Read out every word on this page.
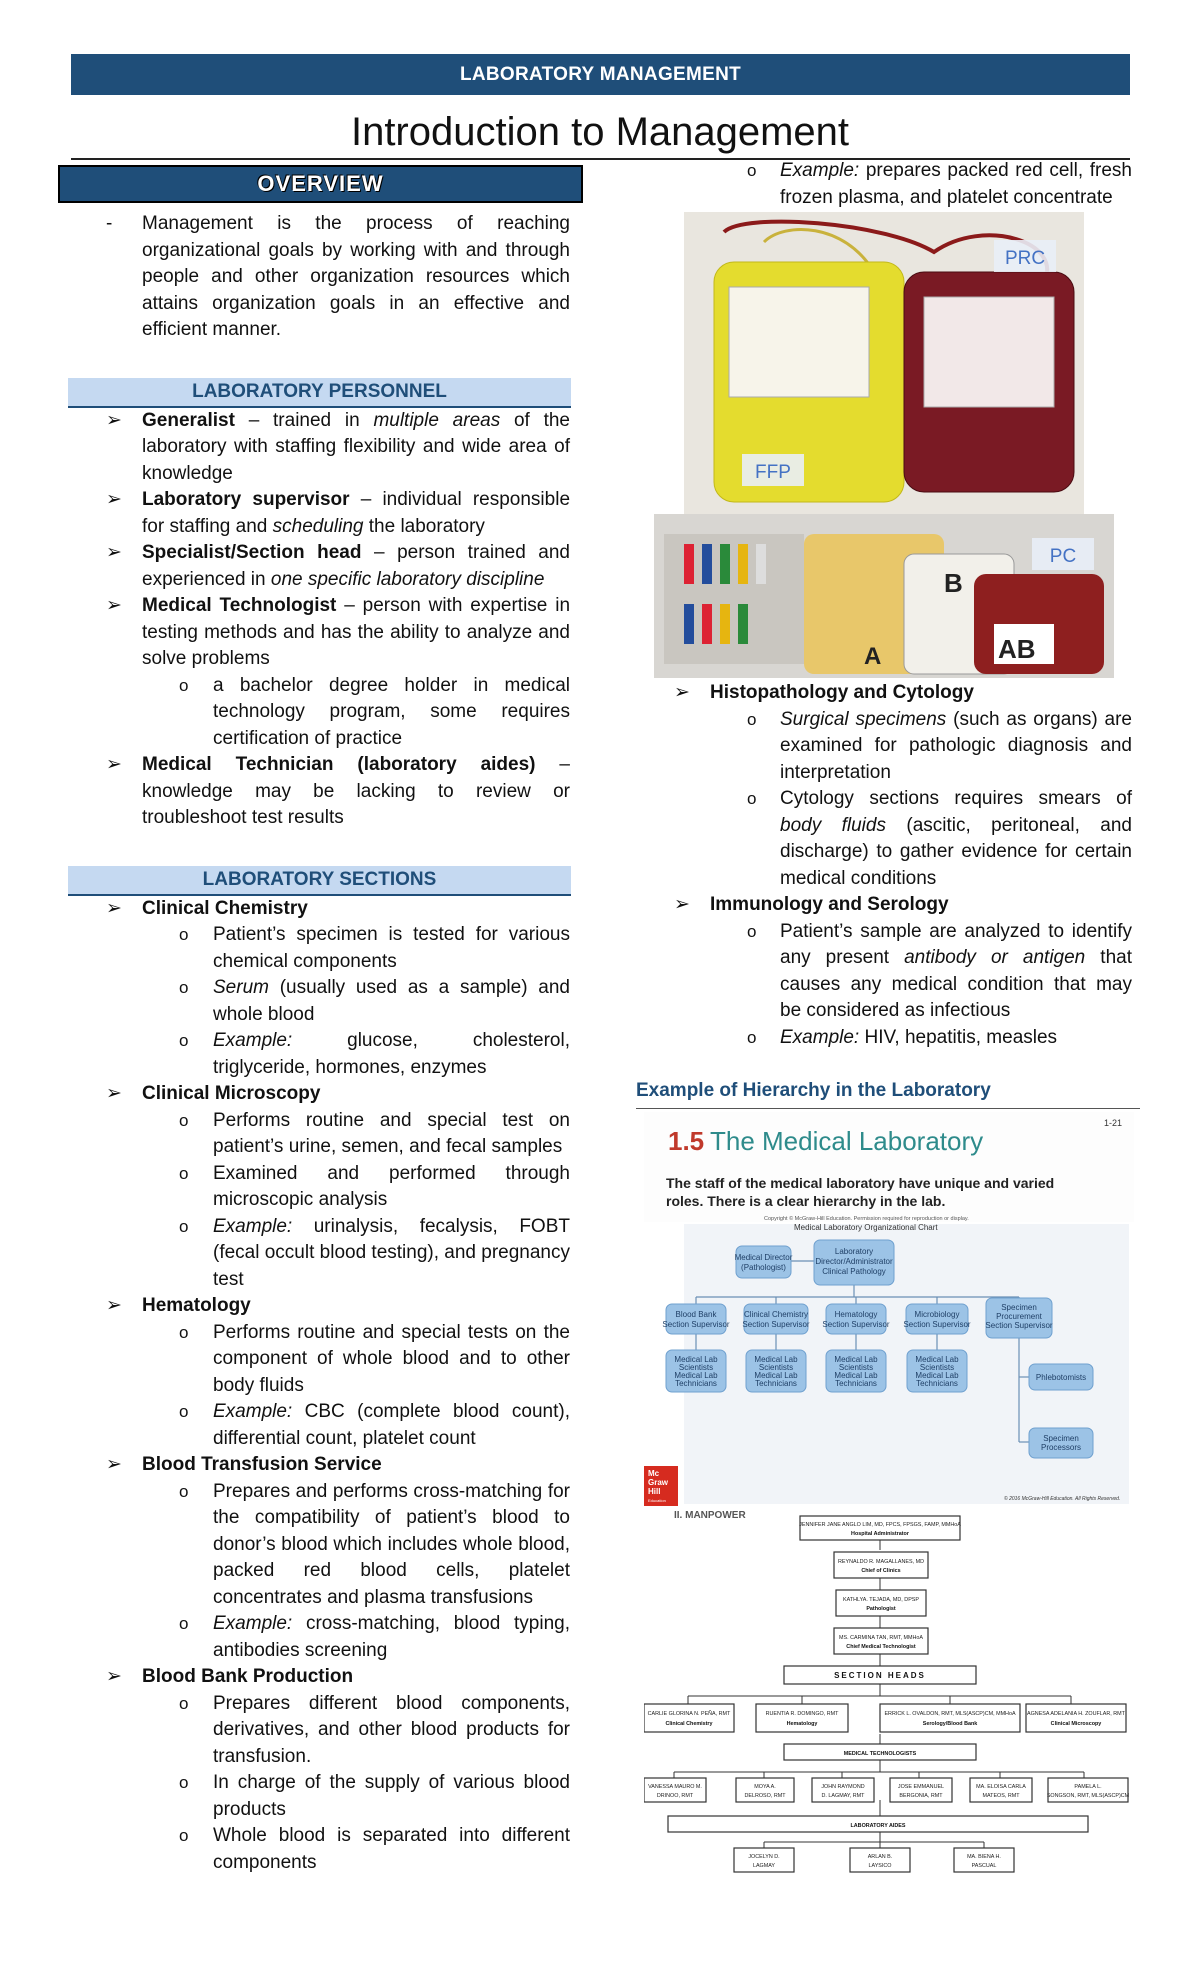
LABORATORY MANAGEMENT
Introduction to Management
OVERVIEW
- Management is the process of reaching organizational goals by working with and through people and other organization resources which attains organization goals in an effective and efficient manner.
LABORATORY PERSONNEL
➢ Generalist – trained in multiple areas of the laboratory with staffing flexibility and wide area of knowledge
➢ Laboratory supervisor – individual responsible for staffing and scheduling the laboratory
➢ Specialist/Section head – person trained and experienced in one specific laboratory discipline
➢ Medical Technologist – person with expertise in testing methods and has the ability to analyze and solve problems
o a bachelor degree holder in medical technology program, some requires certification of practice
➢ Medical Technician (laboratory aides) – knowledge may be lacking to review or troubleshoot test results
LABORATORY SECTIONS
➢ Clinical Chemistry
o Patient’s specimen is tested for various chemical components
o Serum (usually used as a sample) and whole blood
o Example: glucose, cholesterol, triglyceride, hormones, enzymes
➢ Clinical Microscopy
o Performs routine and special test on patient’s urine, semen, and fecal samples
o Examined and performed through microscopic analysis
o Example: urinalysis, fecalysis, FOBT (fecal occult blood testing), and pregnancy test
➢ Hematology
o Performs routine and special tests on the component of whole blood and to other body fluids
o Example: CBC (complete blood count), differential count, platelet count
➢ Blood Transfusion Service
o Prepares and performs cross-matching for the compatibility of patient’s blood to donor’s blood which includes whole blood, packed red blood cells, platelet concentrates and plasma transfusions
o Example: cross-matching, blood typing, antibodies screening
➢ Blood Bank Production
o Prepares different blood components, derivatives, and other blood products for transfusion.
o In charge of the supply of various blood products
o Whole blood is separated into different components
o Example: prepares packed red cell, fresh frozen plasma, and platelet concentrate
PRC
FFP
B
A	AB
PC
➢ Histopathology and Cytology
o Surgical specimens (such as organs) are examined for pathologic diagnosis and interpretation
o Cytology sections requires smears of body fluids (ascitic, peritoneal, and discharge) to gather evidence for certain medical conditions
➢ Immunology and Serology
o Patient’s sample are analyzed to identify any present antibody or antigen that causes any medical condition that may be considered as infectious
o Example: HIV, hepatitis, measles
Example of Hierarchy in the Laboratory
1-21
1.5 The Medical Laboratory
The staff of the medical laboratory have unique and varied roles. There is a clear hierarchy in the lab.
Copyright © McGraw-Hill Education. Permission required for reproduction or display.
Medical Laboratory Organizational Chart
Medical Director
(Pathologist)
Laboratory
Director/Administrator
Clinical Pathology
Blood Bank
Section Supervisor
Clinical Chemistry
Section Supervisor
Hematology
Section Supervisor
Microbiology
Section Supervisor
Specimen
Procurement
Section Supervisor
Medical Lab
Scientists
Medical Lab
Technicians
Medical Lab
Scientists
Medical Lab
Technicians
Medical Lab
Scientists
Medical Lab
Technicians
Medical Lab
Scientists
Medical Lab
Technicians
Phlebotomists
Specimen
Processors
Mc
Graw
Hill
Education	© 2016 McGraw-Hill Education. All Rights Reserved.
II. MANPOWER
JENNIFER JANE ANGLO LIM, MD, FPCS, FPSGS, FAMP, MMHoA
Hospital Administrator
REYNALDO R. MAGALLANES, MD
Chief of Clinics
KATHLYA. TEJADA, MD, DPSP
Pathologist
MS. CARMINA TAN, RMT, MMHoA
Chief Medical Technologist
SECTION HEADS
CARLIE GLORINA N. PEÑA, RMT
Clinical Chemistry
RUENTIA R. DOMINGO, RMT
Hematology
ERRICK L. OVALDON, RMT, MLS(ASCP)CM, MMHoA
Serology/Blood Bank
AGNESA ADELANIA H. ZOUFLAR, RMT
Clinical Microscopy
MEDICAL TECHNOLOGISTS
VANESSA MAURO M.
DRINOO, RMT
MOYA A.
DELROSO, RMT
JOHN RAYMOND
D. LAGMAY, RMT
JOSE EMMANUEL
BERGONIA, RMT
MA. ELOISA CARLA
MATEOS, RMT
PAMELA L.
SONGSON, RMT, MLS(ASCP)CM
LABORATORY AIDES
JOCELYN D.
LAGMAY
ARLAN B.
LAYSICO
MA. BIENA H.
PASCUAL
